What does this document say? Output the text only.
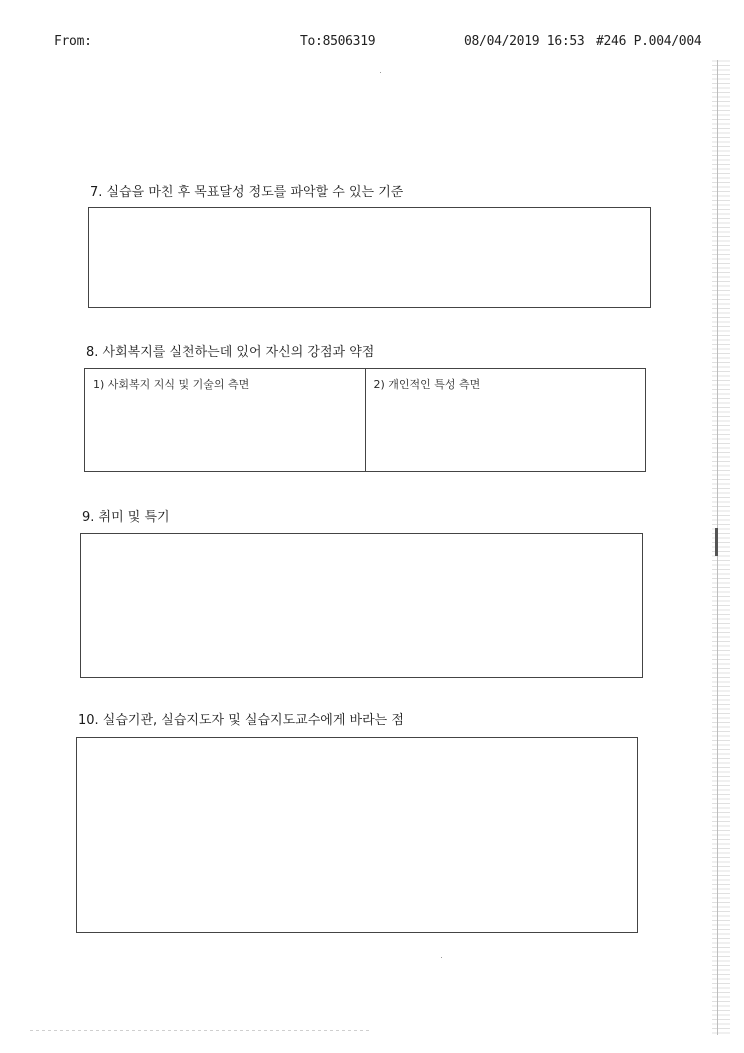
From:	To:8506319	08/04/2019 16:53 #246 P.004/004
7. 실습을 마친 후 목표달성 정도를 파악할 수 있는 기준
8. 사회복지를 실천하는데 있어 자신의 강점과 약점
1) 사회복지 지식 및 기술의 측면	2) 개인적인 특성 측면
9. 취미 및 특기
10. 실습기관, 실습지도자 및 실습지도교수에게 바라는 점
